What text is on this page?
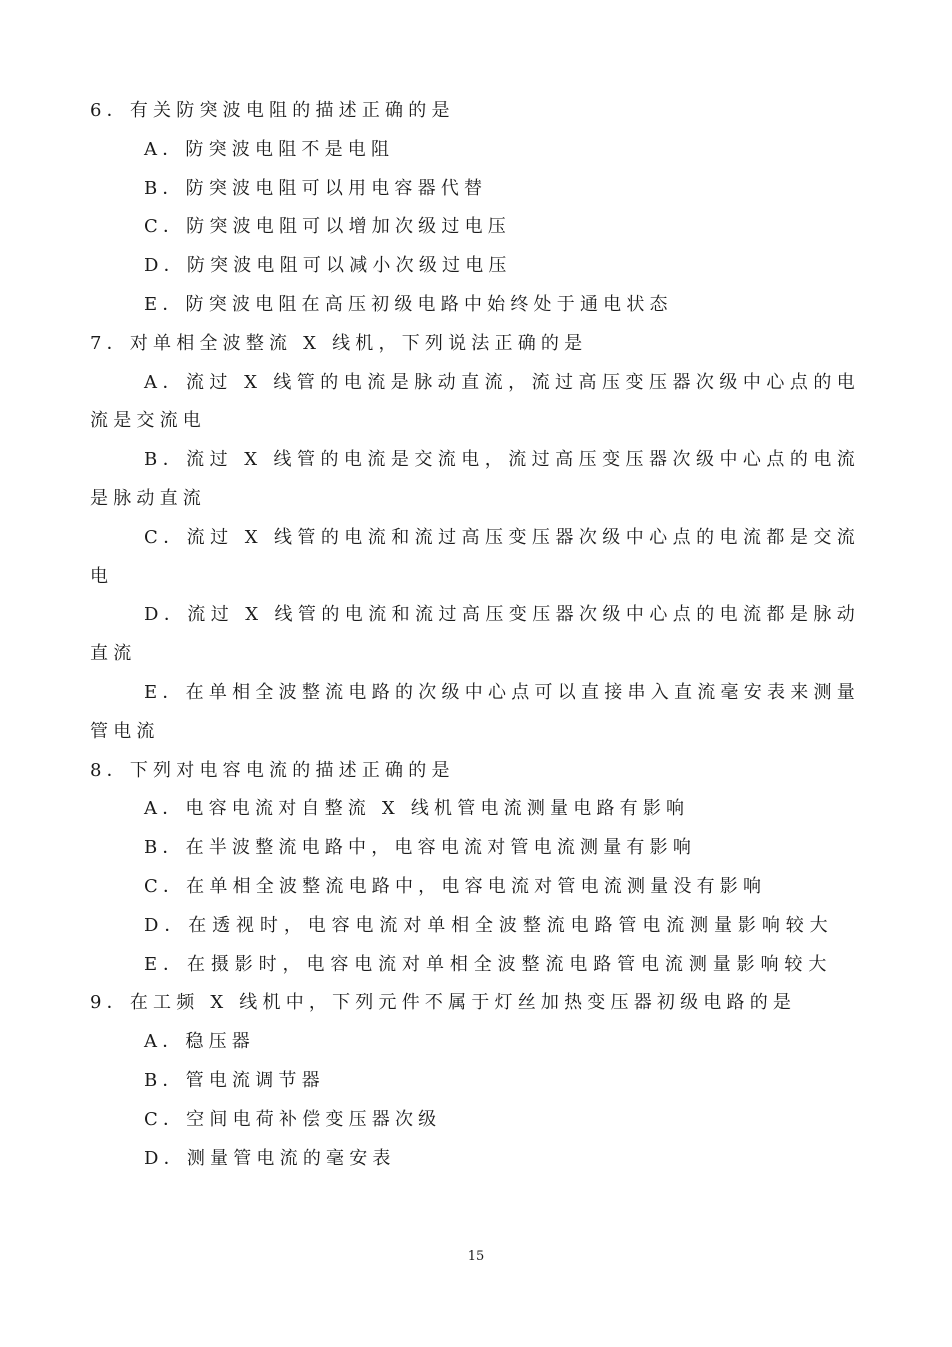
6．有关防突波电阻的描述正确的是

A．防突波电阻不是电阻

B．防突波电阻可以用电容器代替

C．防突波电阻可以增加次级过电压

D．防突波电阻可以减小次级过电压

E．防突波电阻在高压初级电路中始终处于通电状态

7．对单相全波整流 X 线机，下列说法正确的是

A．流过 X 线管的电流是脉动直流，流过高压变压器次级中心点的电流是交流电

B．流过 X 线管的电流是交流电，流过高压变压器次级中心点的电流是脉动直流

C．流过 X 线管的电流和流过高压变压器次级中心点的电流都是交流电

D．流过 X 线管的电流和流过高压变压器次级中心点的电流都是脉动直流

E．在单相全波整流电路的次级中心点可以直接串入直流毫安表来测量管电流

8．下列对电容电流的描述正确的是

A．电容电流对自整流 X 线机管电流测量电路有影响

B．在半波整流电路中，电容电流对管电流测量有影响

C．在单相全波整流电路中，电容电流对管电流测量没有影响

D．在透视时，电容电流对单相全波整流电路管电流测量影响较大

E．在摄影时，电容电流对单相全波整流电路管电流测量影响较大

9．在工频 X 线机中，下列元件不属于灯丝加热变压器初级电路的是

A．稳压器

B．管电流调节器

C．空间电荷补偿变压器次级

D．测量管电流的毫安表

15
